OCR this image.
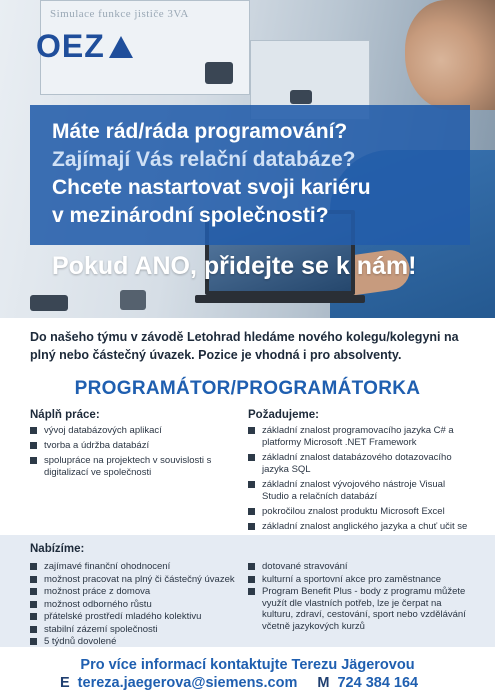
Simulace funkce jističe 3VA
OEZ
Máte rád/ráda programování?
Zajímají Vás relační databáze?
Chcete nastartovat svoji kariéru
v mezinárodní společnosti?
Pokud ANO, přidejte se k nám!
Do našeho týmu v závodě Letohrad hledáme nového kolegu/kolegyni na plný nebo částečný úvazek. Pozice je vhodná i pro absolventy.
PROGRAMÁTOR/PROGRAMÁTORKA
Náplň práce:
vývoj databázových aplikací
tvorba a údržba databází
spolupráce na projektech v souvislosti s digitalizací ve společnosti
Požadujeme:
základní znalost programovacího jazyka C# a platformy Microsoft .NET Framework
základní znalost databázového dotazovacího jazyka SQL
základní znalost vývojového nástroje Visual Studio a relačních databází
pokročilou znalost produktu Microsoft Excel
základní znalost anglického jazyka a chuť učit se
Nabízíme:
zajímavé finanční ohodnocení
možnost pracovat na plný či částečný úvazek
možnost práce z domova
možnost odborného růstu
přátelské prostředí mladého kolektivu
stabilní zázemí společnosti
5 týdnů dovolené
dotované stravování
kulturní a sportovní akce pro zaměstnance
Program Benefit Plus - body z programu můžete využít dle vlastních potřeb, lze je čerpat na kulturu, zdraví, cestování, sport nebo vzdělávání včetně jazykových kurzů
Pro více informací kontaktujte Terezu Jägerovou
E tereza.jaegerova@siemens.com M 724 384 164
